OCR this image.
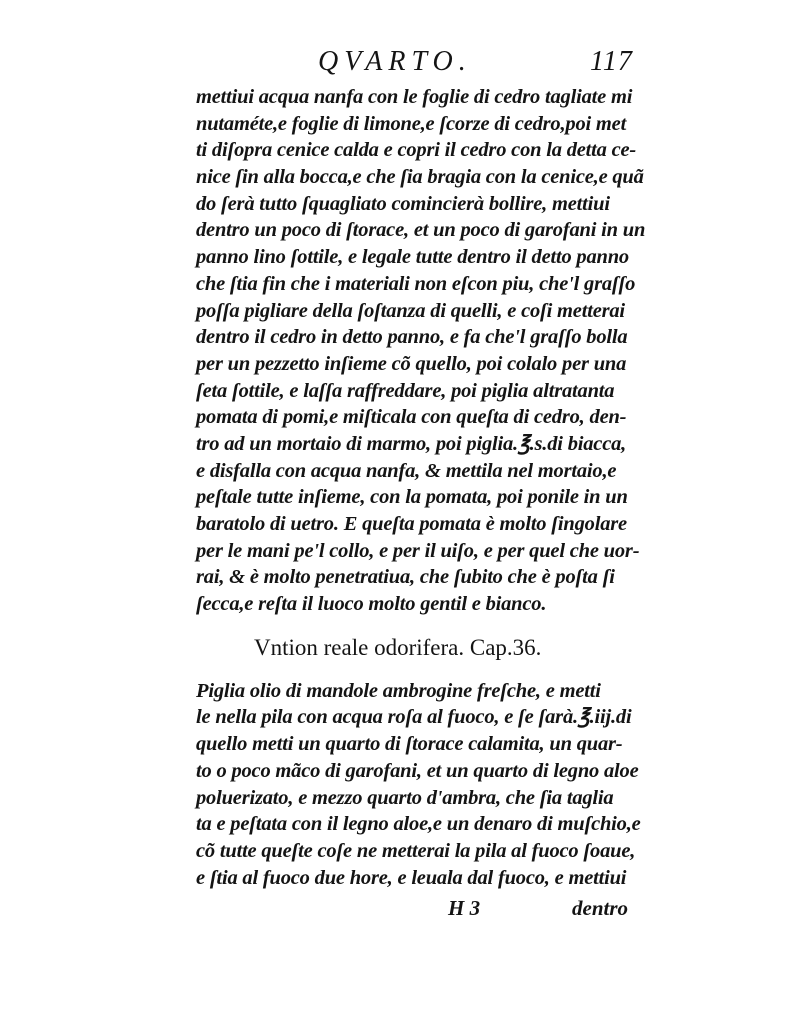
QVARTO.	117
mettiui acqua nanfa con le foglie di cedro tagliate mi
nutaméte,e foglie di limone,e ſcorze di cedro,poi met
ti diſopra cenice calda e copri il cedro con la detta ce-
nice ſin alla bocca,e che ſia bragia con la cenice,e quã
do ſerà tutto ſquagliato comincierà bollire, mettiui
dentro un poco di ſtorace, et un poco di garofani in un
panno lino ſottile, e legale tutte dentro il detto panno
che ſtia fin che i materiali non eſcon piu, che'l graſſo
poſſa pigliare della ſoſtanza di quelli, e coſi metterai
dentro il cedro in detto panno, e fa che'l graſſo bolla
per un pezzetto inſieme cõ quello, poi colalo per una
ſeta ſottile, e laſſa raffreddare, poi piglia altratanta
pomata di pomi,e miſticala con queſta di cedro, den-
tro ad un mortaio di marmo, poi piglia.℥.s.di biacca,
e disfalla con acqua nanfa, & mettila nel mortaio,e
peſtale tutte inſieme, con la pomata, poi ponile in un
baratolo di uetro. E queſta pomata è molto ſingolare
per le mani pe'l collo, e per il uiſo, e per quel che uor-
rai, & è molto penetratiua, che ſubito che è poſta ſi
ſecca,e reſta il luoco molto gentil e bianco.
Vntion reale odorifera. Cap.36.
Piglia olio di mandole ambrogine freſche, e metti
le nella pila con acqua roſa al fuoco, e ſe ſarà.℥.iij.di
quello metti un quarto di ſtorace calamita, un quar-
to o poco mãco di garofani, et un quarto di legno aloe
poluerizato, e mezzo quarto d'ambra, che ſia taglia
ta e peſtata con il legno aloe,e un denaro di muſchio,e
cõ tutte queſte coſe ne metterai la pila al fuoco ſoaue,
e ſtia al fuoco due hore, e leuala dal fuoco, e mettiui
H 3	dentro
